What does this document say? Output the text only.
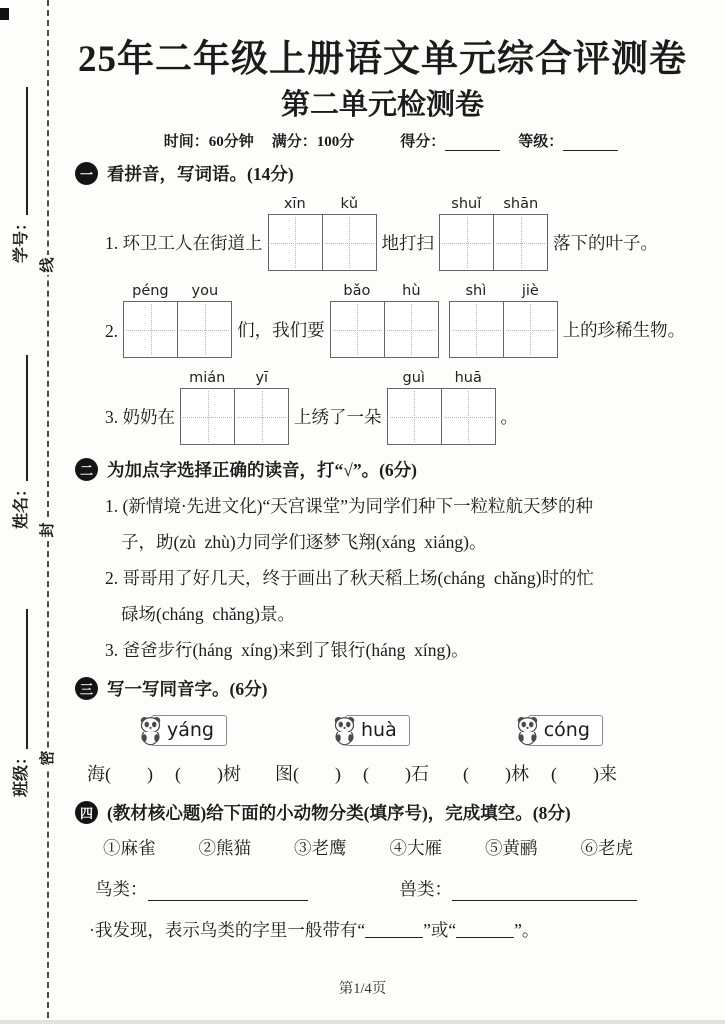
学号：
姓名：
班级：
线
封
密
25年二年级上册语文单元综合评测卷
第二单元检测卷
时间：60分钟 满分：100分	得分：	等级：
一 看拼音，写词语。(14分)
1. 环卫工人在街道上
xīn	kǔ
地打扫
shuǐ	shān
落下的叶子。
2.
péng	you
们，我们要
bǎo	hù	shì	jiè
上的珍稀生物。
3. 奶奶在
mián	yī
上绣了一朵
guì	huā
。
二 为加点字选择正确的读音，打“√”。(6分)

1. (新情境·先进文化)“天宫课堂”为同学们种下一粒粒航天梦的种

子，助 •(zù  zhù)力同学们逐梦飞翔 •(xáng  xiáng)。

2. 哥哥用了好几天，终于画出了秋天稻上场 •(cháng  chǎng)时的忙

碌场 •(cháng  chǎng)景。

3. 爸爸步行 •(háng  xíng)来到了银行 •(háng  xíng)。

三 写一写同音字。(6分)
yáng	huà	cóng
海(　　) (　　)树 图(　　) (　　)石 (　　)林 (　　)来
四 (教材核心题)给下面的小动物分类(填序号)，完成填空。(8分)
①麻雀 ②熊猫 ③老鹰 ④大雁 ⑤黄鹂 ⑥老虎
鸟类：	兽类：
·我发现，表示鸟类的字里一般带有“	”或“	”。
第1/4页
